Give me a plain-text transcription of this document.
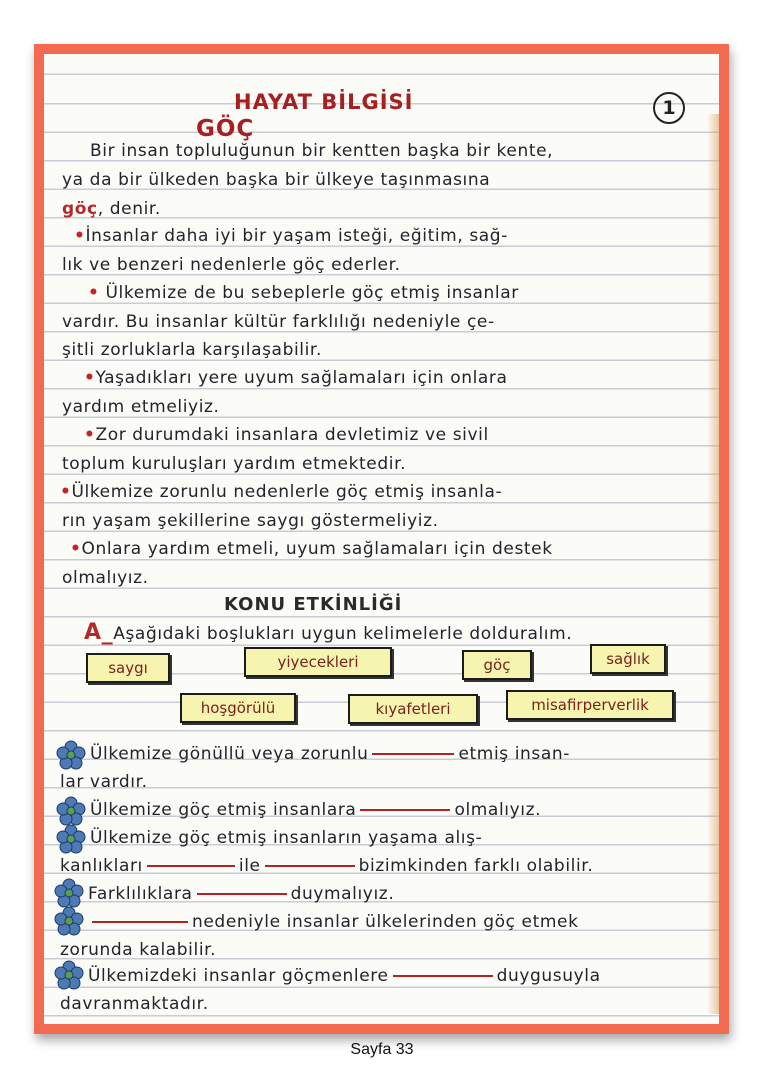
HAYAT BİLGİSİ	1
GÖÇ
Bir insan topluluğunun bir kentten başka bir kente,
ya da bir ülkeden başka bir ülkeye taşınmasına
göç, denir.
•İnsanlar daha iyi bir yaşam isteği, eğitim, sağ-
lık ve benzeri nedenlerle göç ederler.
• Ülkemize de bu sebeplerle göç etmiş insanlar
vardır. Bu insanlar kültür farklılığı nedeniyle çe-
şitli zorluklarla karşılaşabilir.
•Yaşadıkları yere uyum sağlamaları için onlara
yardım etmeliyiz.
•Zor durumdaki insanlara devletimiz ve sivil
toplum kuruluşları yardım etmektedir.
•Ülkemize zorunlu nedenlerle göç etmiş insanla-
rın yaşam şekillerine saygı göstermeliyiz.
•Onlara yardım etmeli, uyum sağlamaları için destek
olmalıyız.
KONU ETKİNLİĞİ
A_Aşağıdaki boşlukları uygun kelimelerle dolduralım.
saygı	yiyecekleri	göç	sağlık
hoşgörülü	kıyafetleri	misafirperverlik
Ülkemize gönüllü veya zorunlu	etmiş insan-
lar vardır.
Ülkemize göç etmiş insanlara	olmalıyız.
Ülkemize göç etmiş insanların yaşama alış-
kanlıkları	ile	bizimkinden farklı olabilir.
Farklılıklara	duymalıyız.
nedeniyle insanlar ülkelerinden göç etmek
zorunda kalabilir.
Ülkemizdeki insanlar göçmenlere	duygusuyla
davranmaktadır.
Sayfa 33
